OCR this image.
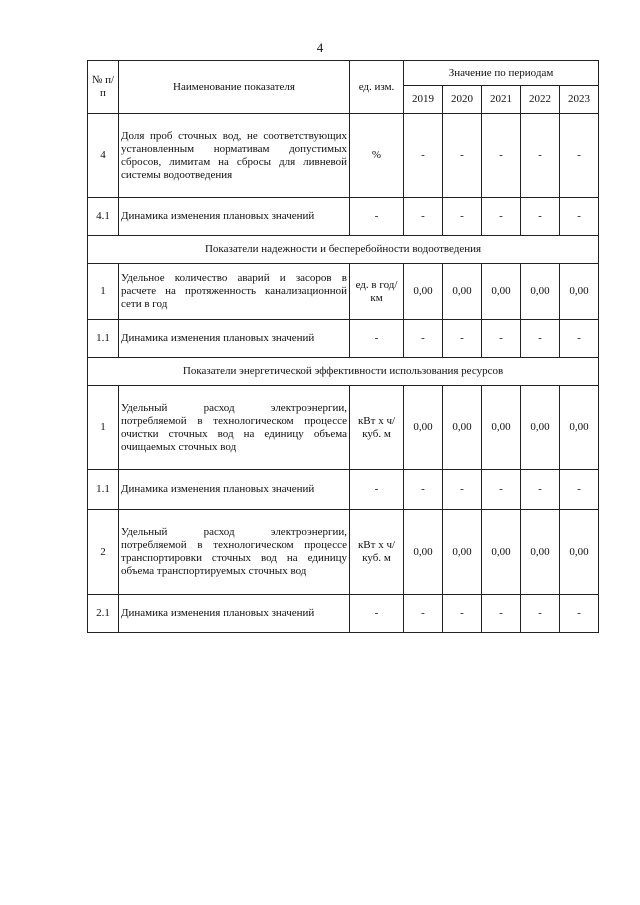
4
№ п/п	Наименование показателя	ед. изм.	Значение по периодам				
			2019	2020	2021	2022	2023
4	Доля проб сточных вод, не соответствующих установленным нормативам допустимых сбросов, лимитам на сбросы для ливневой системы водоотведения	%	-	-	-	-	-
4.1	Динамика изменения плановых значений	-	-	-	-	-	-
Показатели надежности и бесперебойности водоотведения							
1	Удельное количество аварий и засоров в расчете на протяженность канализационной сети в год	ед. в год/км	0,00	0,00	0,00	0,00	0,00
1.1	Динамика изменения плановых значений	-	-	-	-	-	-
Показатели энергетической эффективности использования ресурсов							
1	Удельный расход электроэнергии, потребляемой в технологическом процессе очистки сточных вод на единицу объема очищаемых сточных вод	кВт х ч/куб. м	0,00	0,00	0,00	0,00	0,00
1.1	Динамика изменения плановых значений	-	-	-	-	-	-
2	Удельный расход электроэнергии, потребляемой в технологическом процессе транспортировки сточных вод на единицу объема транспортируемых сточных вод	кВт х ч/куб. м	0,00	0,00	0,00	0,00	0,00
2.1	Динамика изменения плановых значений	-	-	-	-	-	-
